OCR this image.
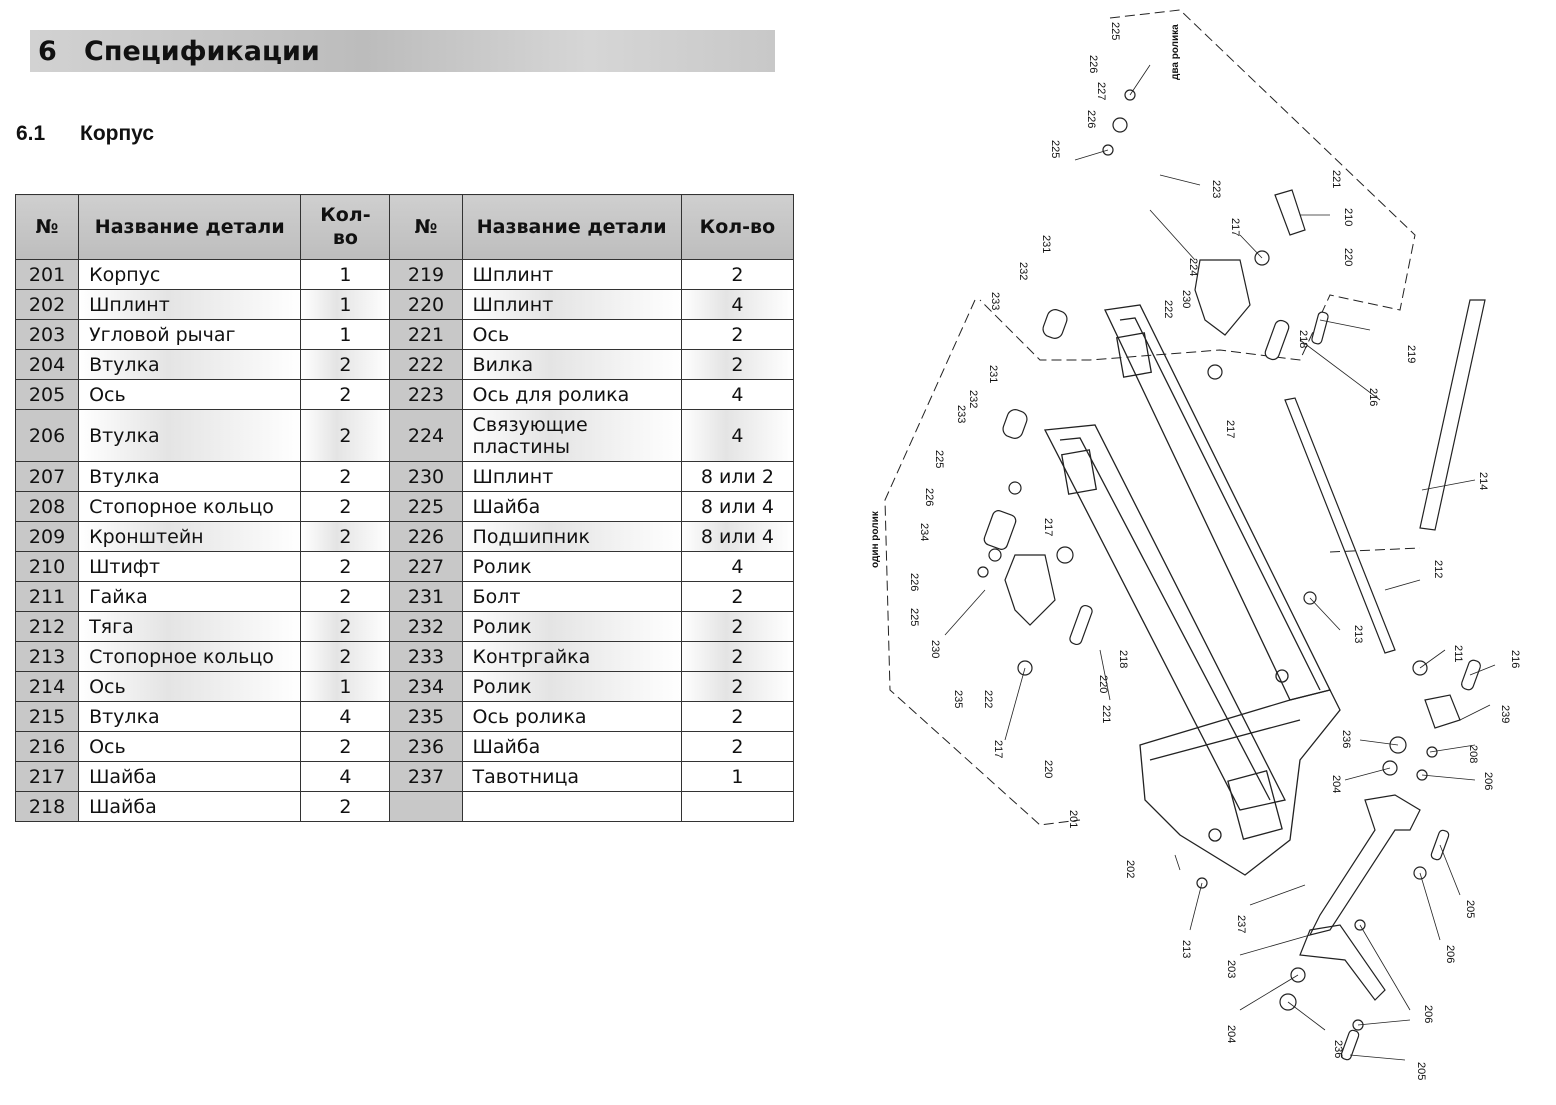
6	Спецификации
6.1	Корпус
№	Название детали	Кол-во	№	Название детали	Кол-во
201	Корпус	1	219	Шплинт	2
202	Шплинт	1	220	Шплинт	4
203	Угловой рычаг	1	221	Ось	2
204	Втулка	2	222	Вилка	2
205	Ось	2	223	Ось для ролика	4
206	Втулка	2	224	Связующие пластины	4
207	Втулка	2	230	Шплинт	8 или 2
208	Стопорное кольцо	2	225	Шайба	8 или 4
209	Кронштейн	2	226	Подшипник	8 или 4
210	Штифт	2	227	Ролик	4
211	Гайка	2	231	Болт	2
212	Тяга	2	232	Ролик	2
213	Стопорное кольцо	2	233	Контргайка	2
214	Ось	1	234	Ролик	2
215	Втулка	4	235	Ось ролика	2
216	Ось	2	236	Шайба	2
217	Шайба	4	237	Тавотница	1
218	Шайба	2			
два ролика
один ролик
225
226
227
226
225
223
221
210
220
224
217
231
232
233	222
230
218
219
216
217
231
232
233
225
226
234
226
225
230
235 222
217
220
221
220
218
217
214
212
213
211	216
239
236
204
208
206
201
202
213
237
203
204
236
205
206
206
205
